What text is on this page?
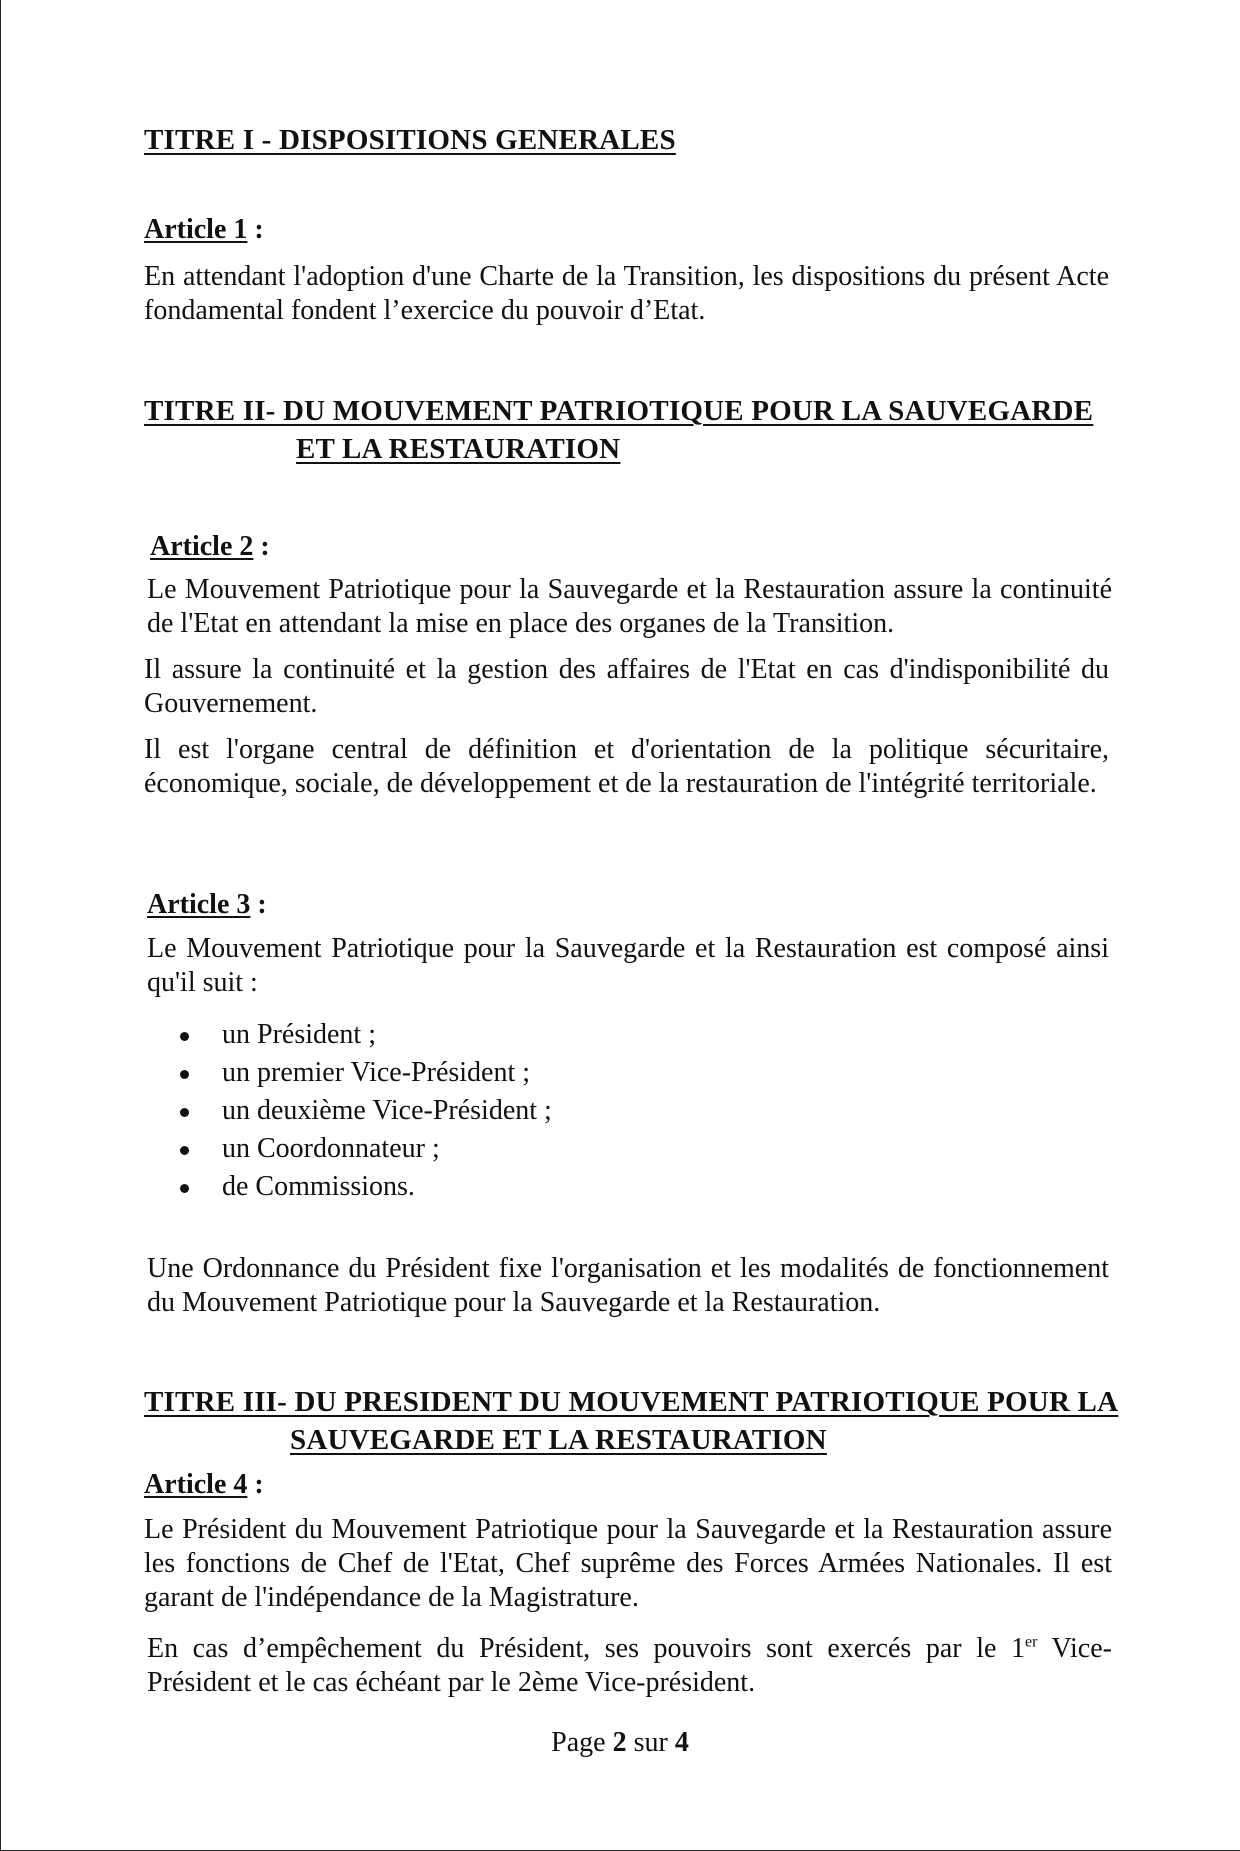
TITRE I - DISPOSITIONS GENERALES
Article 1 :
En attendant l'adoption d'une Charte de la Transition, les dispositions du présent Acte fondamental fondent l’exercice du pouvoir d’Etat.
TITRE II- DU MOUVEMENT PATRIOTIQUE POUR LA SAUVEGARDE
ET LA RESTAURATION
Article 2 :
Le Mouvement Patriotique pour la Sauvegarde et la Restauration assure la continuité de l'Etat en attendant la mise en place des organes de la Transition.
Il assure la continuité et la gestion des affaires de l'Etat en cas d'indisponibilité du Gouvernement.
Il est l'organe central de définition et d'orientation de la politique sécuritaire, économique, sociale, de développement et de la restauration de l'intégrité territoriale.
Article 3 :
Le Mouvement Patriotique pour la Sauvegarde et la Restauration est composé ainsi qu'il suit :
un Président ;
un premier Vice-Président ;
un deuxième Vice-Président ;
un Coordonnateur ;
de Commissions.
Une Ordonnance du Président fixe l'organisation et les modalités de fonctionnement du Mouvement Patriotique pour la Sauvegarde et la Restauration.
TITRE III- DU PRESIDENT DU MOUVEMENT PATRIOTIQUE POUR LA
SAUVEGARDE ET LA RESTAURATION
Article 4 :
Le Président du Mouvement Patriotique pour la Sauvegarde et la Restauration assure les fonctions de Chef de l'Etat, Chef suprême des Forces Armées Nationales. Il est garant de l'indépendance de la Magistrature.
En cas d’empêchement du Président, ses pouvoirs sont exercés par le 1er Vice-Président et le cas échéant par le 2ème Vice-président.
Page 2 sur 4
